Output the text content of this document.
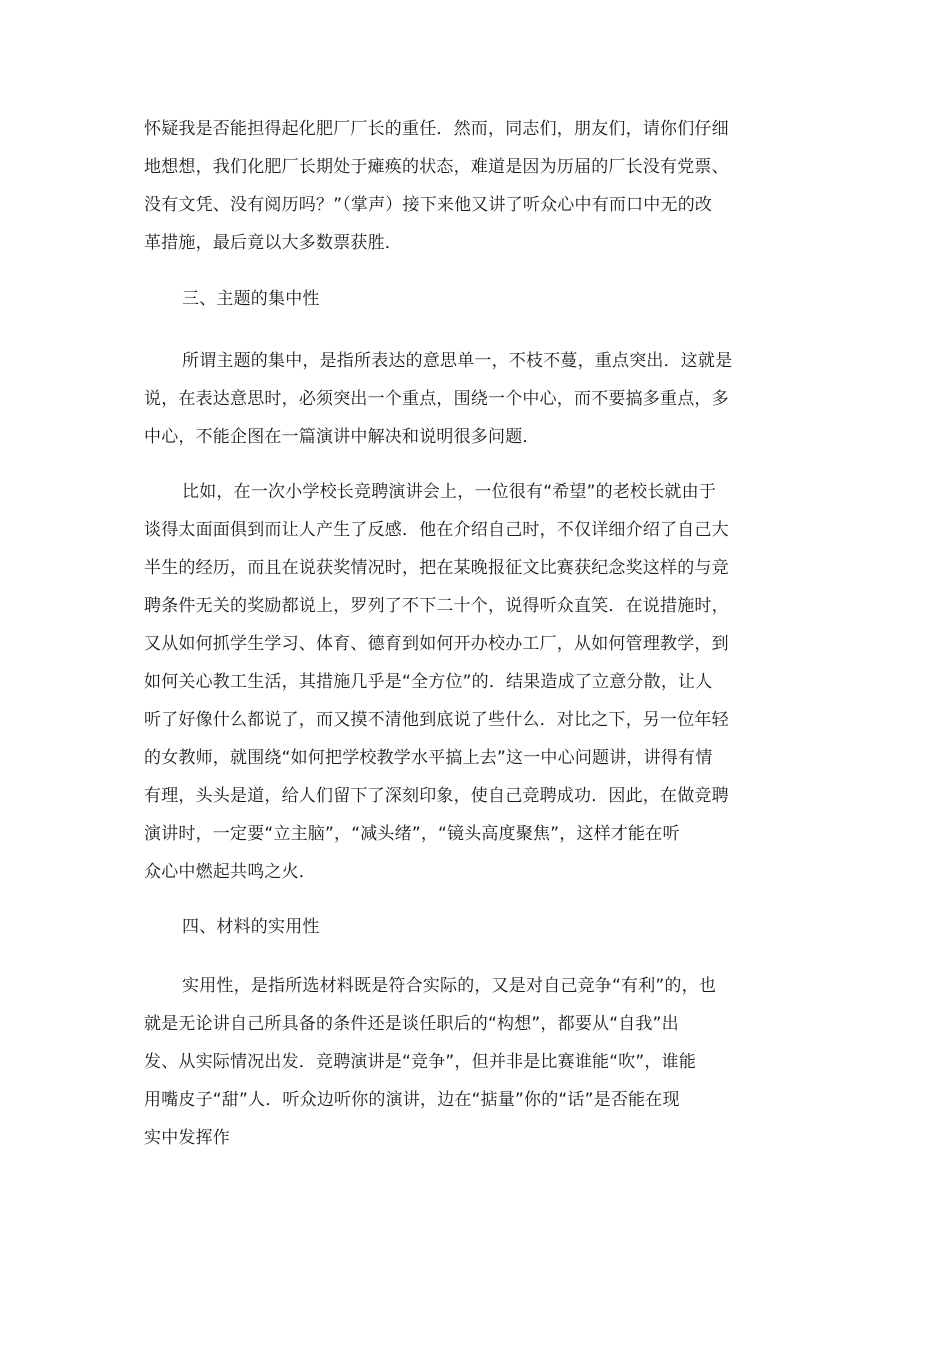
怀疑我是否能担得起化肥厂厂长的重任．然而，同志们，朋友们，请你们仔细
地想想，我们化肥厂长期处于瘫痪的状态，难道是因为历届的厂长没有党票、
没有文凭、没有阅历吗？”（掌声）接下来他又讲了听众心中有而口中无的改
革措施，最后竟以大多数票获胜．
三、主题的集中性
所谓主题的集中，是指所表达的意思单一，不枝不蔓，重点突出．这就是
说，在表达意思时，必须突出一个重点，围绕一个中心，而不要搞多重点，多
中心，不能企图在一篇演讲中解决和说明很多问题．
比如，在一次小学校长竞聘演讲会上，一位很有“希望”的老校长就由于
谈得太面面俱到而让人产生了反感．他在介绍自己时，不仅详细介绍了自己大
半生的经历，而且在说获奖情况时，把在某晚报征文比赛获纪念奖这样的与竞
聘条件无关的奖励都说上，罗列了不下二十个，说得听众直笑．在说措施时，
又从如何抓学生学习、体育、德育到如何开办校办工厂，从如何管理教学，到
如何关心教工生活，其措施几乎是“全方位”的．结果造成了立意分散，让人
听了好像什么都说了，而又摸不清他到底说了些什么．对比之下，另一位年轻
的女教师，就围绕“如何把学校教学水平搞上去”这一中心问题讲，讲得有情
有理，头头是道，给人们留下了深刻印象，使自己竞聘成功．因此，在做竞聘
演讲时，一定要“立主脑”，“减头绪”，“镜头高度聚焦”，这样才能在听
众心中燃起共鸣之火．
四、材料的实用性
实用性，是指所选材料既是符合实际的，又是对自己竞争“有利”的，也
就是无论讲自己所具备的条件还是谈任职后的“构想”，都要从“自我”出
发、从实际情况出发．竞聘演讲是“竞争”，但并非是比赛谁能“吹”，谁能
用嘴皮子“甜”人．听众边听你的演讲，边在“掂量”你的“话”是否能在现
实中发挥作
